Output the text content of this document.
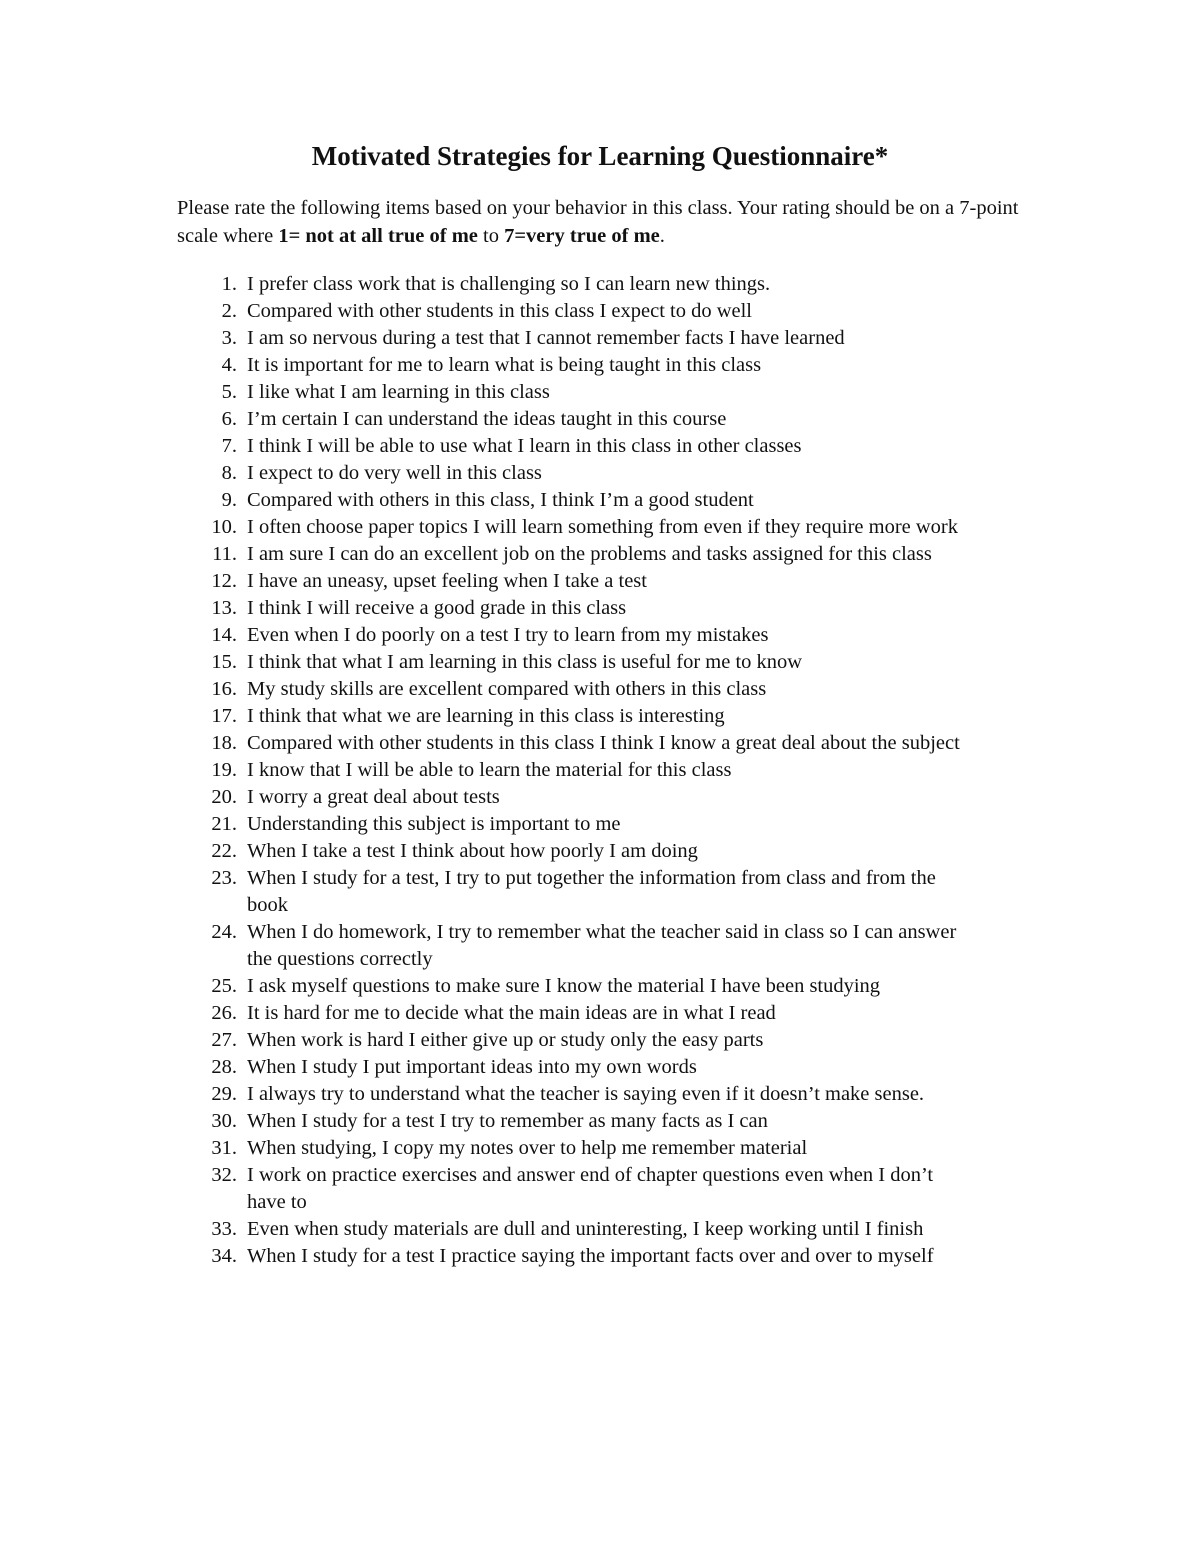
Motivated Strategies for Learning Questionnaire*

Please rate the following items based on your behavior in this class. Your rating should be on a 7-point scale where 1= not at all true of me to 7=very true of me.

1. I prefer class work that is challenging so I can learn new things.
2. Compared with other students in this class I expect to do well
3. I am so nervous during a test that I cannot remember facts I have learned
4. It is important for me to learn what is being taught in this class
5. I like what I am learning in this class
6. I’m certain I can understand the ideas taught in this course
7. I think I will be able to use what I learn in this class in other classes
8. I expect to do very well in this class
9. Compared with others in this class, I think I’m a good student
10. I often choose paper topics I will learn something from even if they require more work
11. I am sure I can do an excellent job on the problems and tasks assigned for this class
12. I have an uneasy, upset feeling when I take a test
13. I think I will receive a good grade in this class
14. Even when I do poorly on a test I try to learn from my mistakes
15. I think that what I am learning in this class is useful for me to know
16. My study skills are excellent compared with others in this class
17. I think that what we are learning in this class is interesting
18. Compared with other students in this class I think I know a great deal about the subject
19. I know that I will be able to learn the material for this class
20. I worry a great deal about tests
21. Understanding this subject is important to me
22. When I take a test I think about how poorly I am doing
23. When I study for a test, I try to put together the information from class and from the book
24. When I do homework, I try to remember what the teacher said in class so I can answer the questions correctly
25. I ask myself questions to make sure I know the material I have been studying
26. It is hard for me to decide what the main ideas are in what I read
27. When work is hard I either give up or study only the easy parts
28. When I study I put important ideas into my own words
29. I always try to understand what the teacher is saying even if it doesn’t make sense.
30. When I study for a test I try to remember as many facts as I can
31. When studying, I copy my notes over to help me remember material
32. I work on practice exercises and answer end of chapter questions even when I don’t have to
33. Even when study materials are dull and uninteresting, I keep working until I finish
34. When I study for a test I practice saying the important facts over and over to myself
